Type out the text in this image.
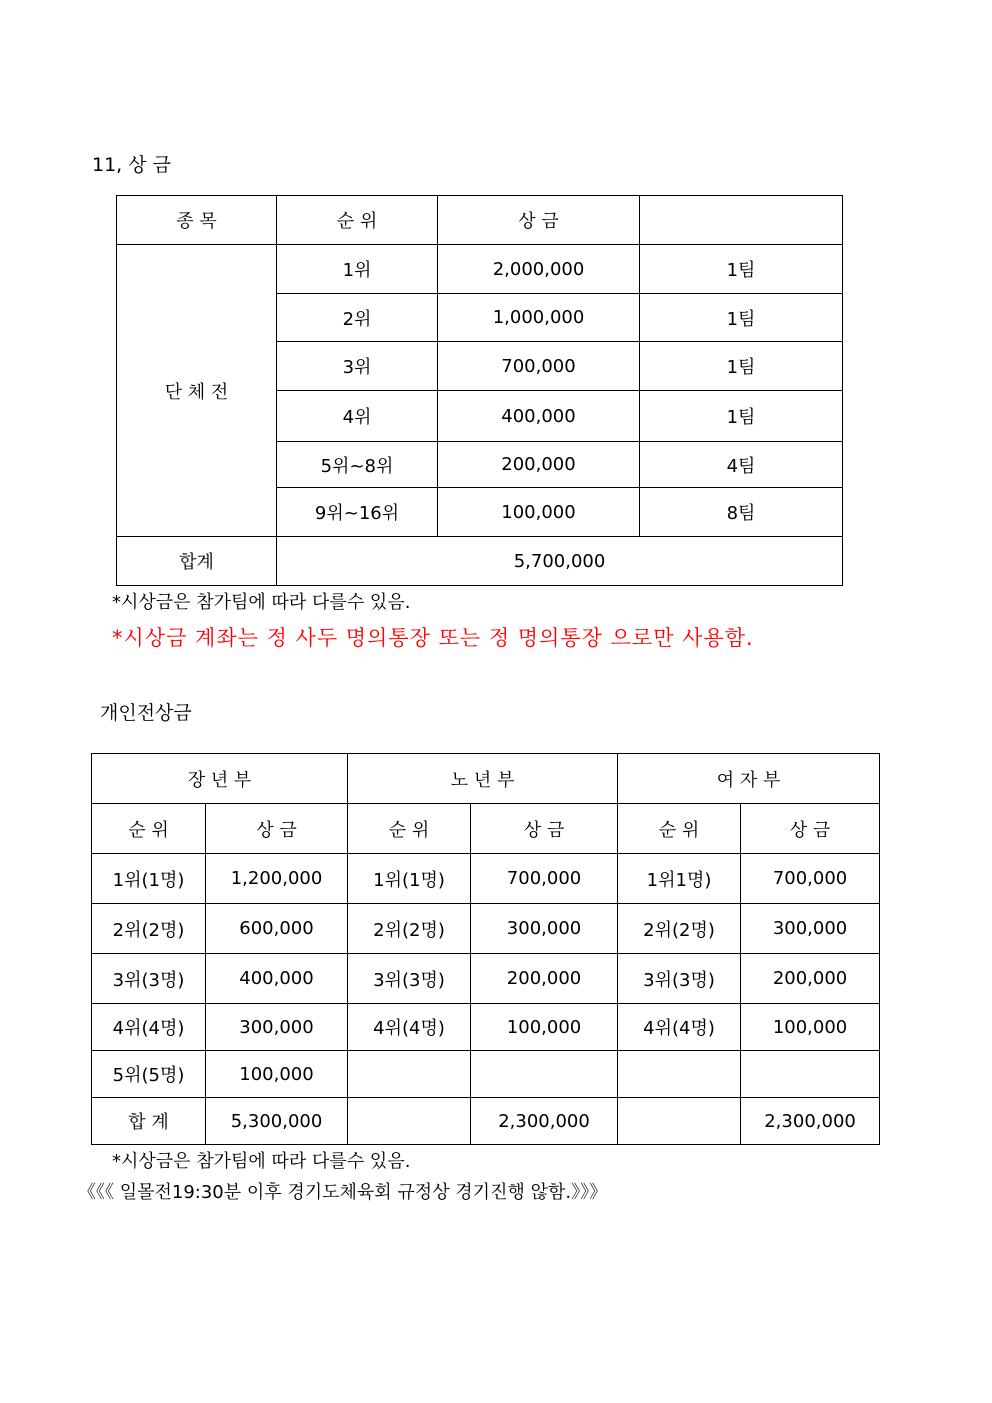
11, 상 금
종 목	순 위	상 금	
단 체 전	1위	2,000,000	1팀
	2위	1,000,000	1팀
	3위	700,000	1팀
	4위	400,000	1팀
	5위~8위	200,000	4팀
	9위~16위	100,000	8팀
합계	5,700,000		
*시상금은 참가팀에 따라 다를수 있음.
*시상금 계좌는 정 사두 명의통장 또는 정 명의통장 으로만 사용함.
개인전상금
장 년 부		노 년 부		여 자 부	
순 위	상 금	순 위	상 금	순 위	상 금
1위(1명)	1,200,000	1위(1명)	700,000	1위1명)	700,000
2위(2명)	600,000	2위(2명)	300,000	2위(2명)	300,000
3위(3명)	400,000	3위(3명)	200,000	3위(3명)	200,000
4위(4명)	300,000	4위(4명)	100,000	4위(4명)	100,000
5위(5명)	100,000				
합 계	5,300,000		2,300,000		2,300,000
*시상금은 참가팀에 따라 다를수 있음.
《《《 일몰전19:30분 이후 경기도체육회 규정상 경기진행 않함.》》》
